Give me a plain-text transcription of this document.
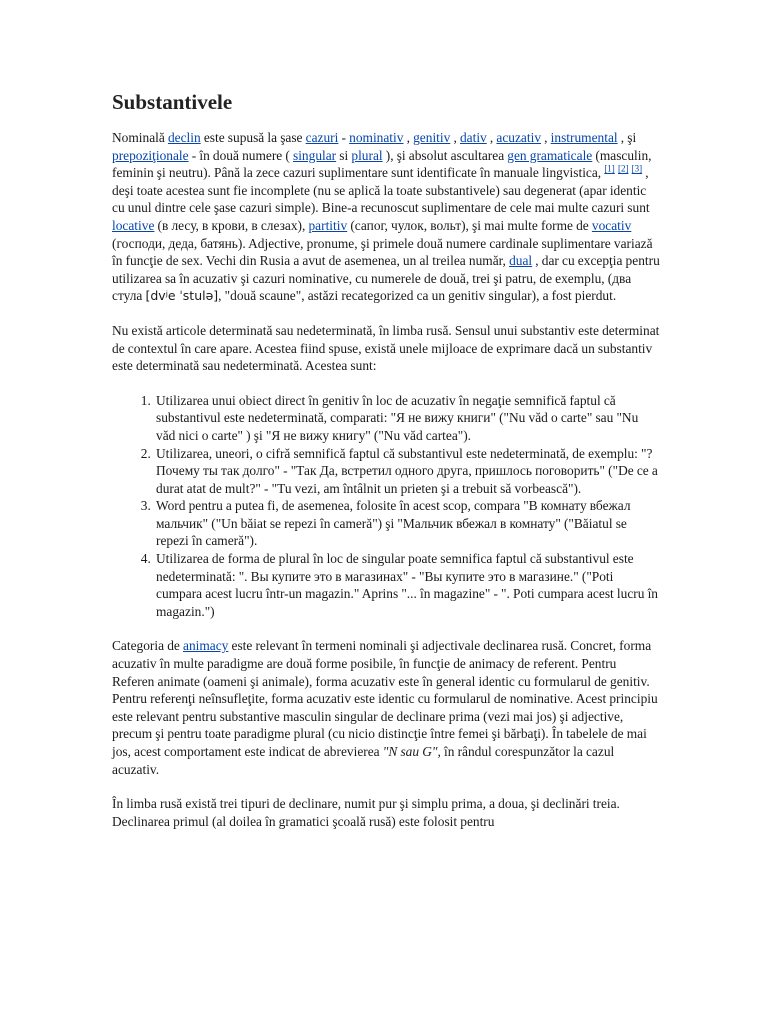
Substantivele

Nominală declin este supusă la şase cazuri - nominativ , genitiv , dativ , acuzativ , instrumental , şi prepoziţionale - în două numere ( singular si plural ), şi absolut ascultarea gen gramaticale (masculin, feminin şi neutru). Până la zece cazuri suplimentare sunt identificate în manuale lingvistica, [1] [2] [3] , deşi toate acestea sunt fie incomplete (nu se aplică la toate substantivele) sau degenerat (apar identic cu unul dintre cele şase cazuri simple). Bine-a recunoscut suplimentare de cele mai multe cazuri sunt locative (в лесу, в крови, в слезах), partitiv (сапог, чулок, вольт), şi mai multe forme de vocativ (господи, деда, батянь). Adjective, pronume, şi primele două numere cardinale suplimentare variază în funcţie de sex. Vechi din Rusia a avut de asemenea, un al treilea număr, dual , dar cu excepţia pentru utilizarea sa în acuzativ şi cazuri nominative, cu numerele de două, trei şi patru, de exemplu, (два стула [dvʲe ˈstulə], "două scaune", astăzi recategorized ca un genitiv singular), a fost pierdut.

Nu există articole determinată sau nedeterminată, în limba rusă. Sensul unui substantiv este determinat de contextul în care apare. Acestea fiind spuse, există unele mijloace de exprimare dacă un substantiv este determinată sau nedeterminată. Acestea sunt:

1. Utilizarea unui obiect direct în genitiv în loc de acuzativ în negaţie semnifică faptul că substantivul este nedeterminată, comparati: "Я не вижу книги" ("Nu văd o carte" sau "Nu văd nici o carte" ) şi "Я не вижу книгу" ("Nu văd cartea").
2. Utilizarea, uneori, o cifră semnifică faptul că substantivul este nedeterminată, de exemplu: "? Почему ты так долго" - "Так Да, встретил одного друга, пришлось поговорить" ("De ce a durat atat de mult?" - "Tu vezi, am întâlnit un prieten şi a trebuit să vorbească").
3. Word pentru a putea fi, de asemenea, folosite în acest scop, compara "В комнату вбежал мальчик" ("Un băiat se repezi în cameră") şi "Мальчик вбежал в комнату" ("Băiatul se repezi în cameră").
4. Utilizarea de forma de plural în loc de singular poate semnifica faptul că substantivul este nedeterminată: ". Вы купите это в магазинах" - "Вы купите это в магазине." ("Poti cumpara acest lucru într-un magazin." Aprins "... în magazine" - ". Poti cumpara acest lucru în magazin.")

Categoria de animacy este relevant în termeni nominali şi adjectivale declinarea rusă. Concret, forma acuzativ în multe paradigme are două forme posibile, în funcţie de animacy de referent. Pentru Referen animate (oameni şi animale), forma acuzativ este în general identic cu formularul de genitiv. Pentru referenţi neînsufleţite, forma acuzativ este identic cu formularul de nominative. Acest principiu este relevant pentru substantive masculin singular de declinare prima (vezi mai jos) şi adjective, precum şi pentru toate paradigme plural (cu nicio distincţie între femei şi bărbaţi). În tabelele de mai jos, acest comportament este indicat de abrevierea "N sau G", în rândul corespunzător la cazul acuzativ.

În limba rusă există trei tipuri de declinare, numit pur şi simplu prima, a doua, şi declinări treia. Declinarea primul (al doilea în gramatici şcoală rusă) este folosit pentru
